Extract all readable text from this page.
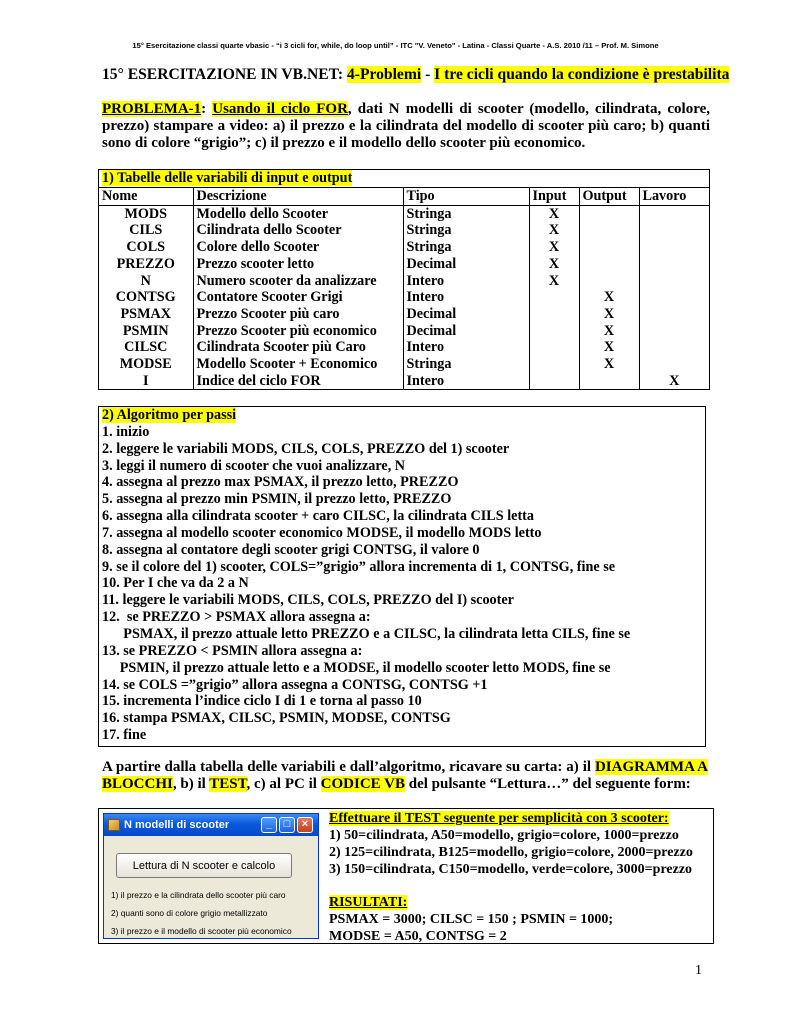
15° Esercitazione classi quarte vbasic - “i 3 cicli for, while, do loop until” - ITC "V. Veneto" - Latina - Classi Quarte - A.S. 2010 /11 – Prof. M. Simone
15° ESERCITAZIONE IN VB.NET: 4-Problemi - I tre cicli quando la condizione è prestabilita
PROBLEMA-1: Usando il ciclo FOR, dati N modelli di scooter (modello, cilindrata, colore, prezzo) stampare a video: a) il prezzo e la cilindrata del modello di scooter più caro; b) quanti sono di colore “grigio”; c) il prezzo e il modello dello scooter più economico.
1) Tabelle delle variabili di input e output
Nome	Descrizione	Tipo	Input	Output	Lavoro
MODS	Modello dello Scooter	Stringa	X		
CILS	Cilindrata dello Scooter	Stringa	X		
COLS	Colore dello Scooter	Stringa	X		
PREZZO	Prezzo scooter letto	Decimal	X		
N	Numero scooter da analizzare	Intero	X		
CONTSG	Contatore Scooter Grigi	Intero		X	
PSMAX	Prezzo Scooter più caro	Decimal		X	
PSMIN	Prezzo Scooter più economico	Decimal		X	
CILSC	Cilindrata Scooter più Caro	Intero		X	
MODSE	Modello Scooter + Economico	Stringa		X	
I	Indice del ciclo FOR	Intero			X
2) Algoritmo per passi
1. inizio
2. leggere le variabili MODS, CILS, COLS, PREZZO del 1) scooter
3. leggi il numero di scooter che vuoi analizzare, N
4. assegna al prezzo max PSMAX, il prezzo letto, PREZZO
5. assegna al prezzo min PSMIN, il prezzo letto, PREZZO
6. assegna alla cilindrata scooter + caro CILSC, la cilindrata CILS letta
7. assegna al modello scooter economico MODSE, il modello MODS letto
8. assegna al contatore degli scooter grigi CONTSG, il valore 0
9. se il colore del 1) scooter, COLS=”grigio” allora incrementa di 1, CONTSG, fine se
10. Per I che va da 2 a N
11. leggere le variabili MODS, CILS, COLS, PREZZO del I) scooter
12.  se PREZZO > PSMAX allora assegna a:
PSMAX, il prezzo attuale letto PREZZO e a CILSC, la cilindrata letta CILS, fine se
13. se PREZZO < PSMIN allora assegna a:
PSMIN, il prezzo attuale letto e a MODSE, il modello scooter letto MODS, fine se
14. se COLS =”grigio” allora assegna a CONTSG, CONTSG +1
15. incrementa l’indice ciclo I di 1 e torna al passo 10
16. stampa PSMAX, CILSC, PSMIN, MODSE, CONTSG
17. fine
A partire dalla tabella delle variabili e dall’algoritmo, ricavare su carta: a) il DIAGRAMMA A BLOCCHI, b) il TEST, c) al PC il CODICE VB del pulsante “Lettura…” del seguente form:
N modelli di scooter	_	□	×
Lettura di N scooter e calcolo
1) il prezzo e la cilindrata dello scooter più caro
2) quanti sono di colore grigio metallizzato
3) il prezzo e il modello di scooter più economico
Effettuare il TEST seguente per semplicità con 3 scooter:
1) 50=cilindrata, A50=modello, grigio=colore, 1000=prezzo
2) 125=cilindrata, B125=modello, grigio=colore, 2000=prezzo
3) 150=cilindrata, C150=modello, verde=colore, 3000=prezzo
RISULTATI:
PSMAX = 3000; CILSC = 150 ; PSMIN = 1000;
MODSE = A50, CONTSG = 2
1
